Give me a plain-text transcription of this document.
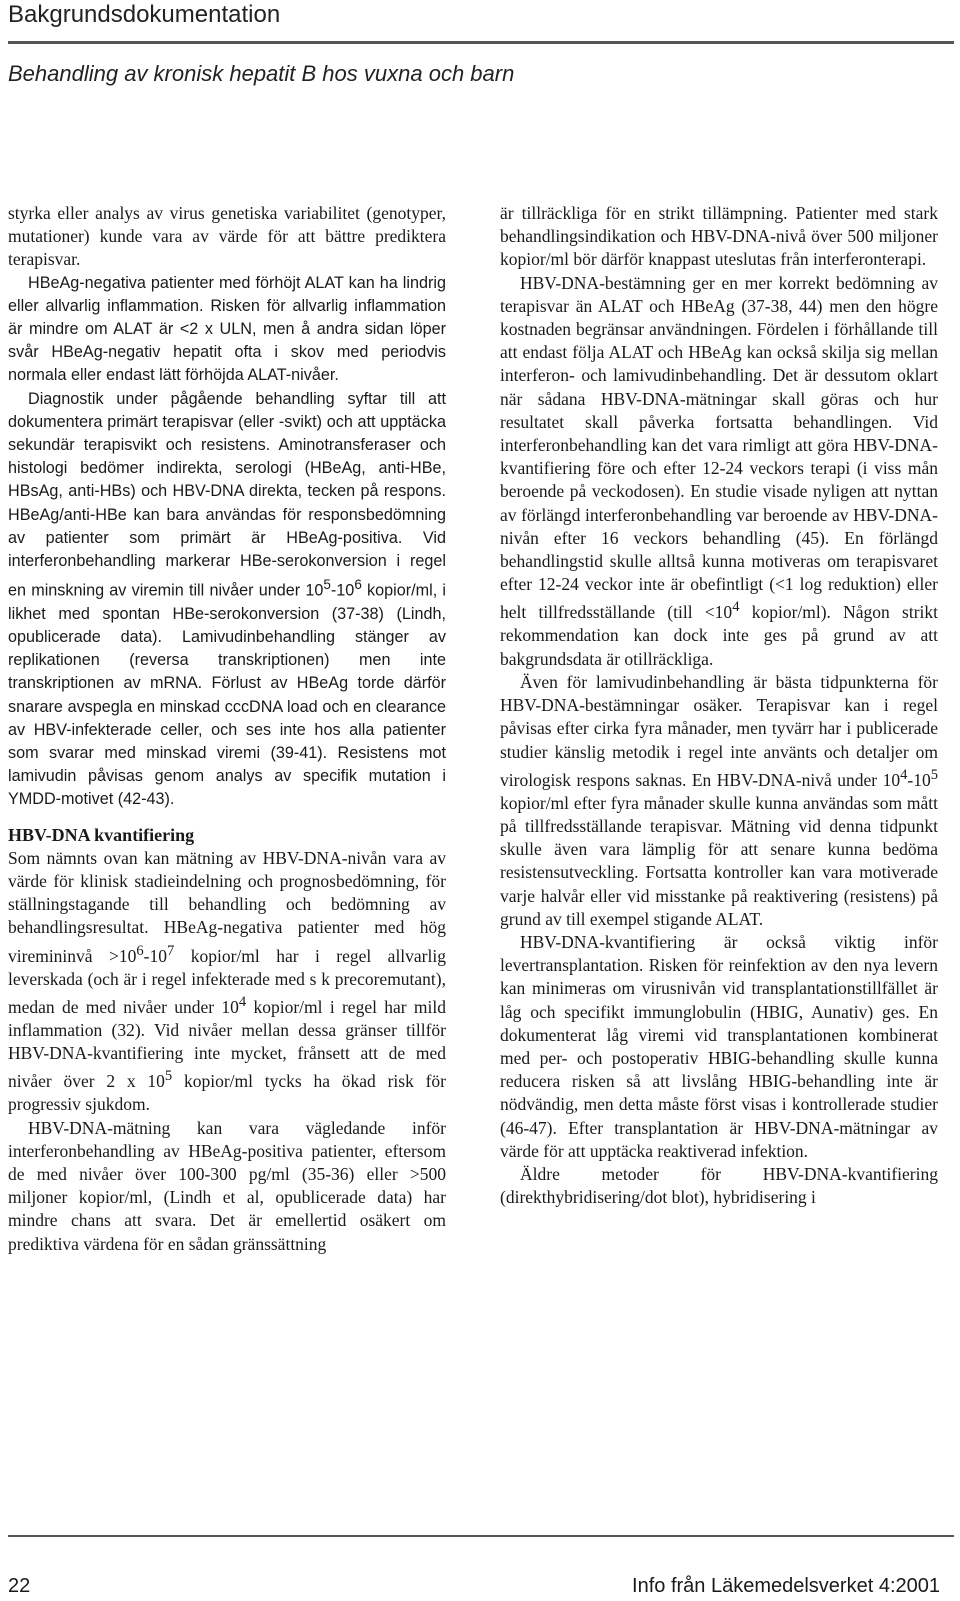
Bakgrundsdokumentation
Behandling av kronisk hepatit B hos vuxna och barn

styrka eller analys av virus genetiska variabilitet (genotyper, mutationer) kunde vara av värde för att bättre prediktera terapisvar.

HBeAg-negativa patienter med förhöjt ALAT kan ha lindrig eller allvarlig inflammation. Risken för allvarlig inflammation är mindre om ALAT är <2 x ULN, men å andra sidan löper svår HBeAg-negativ hepatit ofta i skov med periodvis normala eller endast lätt förhöjda ALAT-nivåer.

Diagnostik under pågående behandling syftar till att dokumentera primärt terapisvar (eller -svikt) och att upptäcka sekundär terapisvikt och resistens. Aminotransferaser och histologi bedömer indirekta, serologi (HBeAg, anti-HBe, HBsAg, anti-HBs) och HBV-DNA direkta, tecken på respons. HBeAg/anti-HBe kan bara användas för responsbedömning av patienter som primärt är HBeAg-positiva. Vid interferonbehandling markerar HBe-serokonversion i regel en minskning av viremin till nivåer under $10^5-10^6$ kopior/ml, i likhet med spontan HBe-serokonversion (37-38) (Lindh, opublicerade data). Lamivudinbehandling stänger av replikationen (reversa transkriptionen) men inte transkriptionen av mRNA. Förlust av HBeAg torde därför snarare avspegla en minskad cccDNA load och en clearance av HBV-infekterade celler, och ses inte hos alla patienter som svarar med minskad viremi (39-41). Resistens mot lamivudin påvisas genom analys av specifik mutation i YMDD-motivet (42-43).

HBV-DNA kvantifiering

Som nämnts ovan kan mätning av HBV-DNA-nivån vara av värde för klinisk stadieindelning och prognosbedömning, för ställningstagande till behandling och bedömning av behandlingsresultat. HBeAg-negativa patienter med hög viremininvå $>10^6-10^7$ kopior/ml har i regel allvarlig leverskada (och är i regel infekterade med s k precoremutant), medan de med nivåer under $10^4$ kopior/ml i regel har mild inflammation (32). Vid nivåer mellan dessa gränser tillför HBV-DNA-kvantifiering inte mycket, frånsett att de med nivåer över 2 x $10^5$ kopior/ml tycks ha ökad risk för progressiv sjukdom.

HBV-DNA-mätning kan vara vägledande inför interferonbehandling av HBeAg-positiva patienter, eftersom de med nivåer över 100-300 pg/ml (35-36) eller >500 miljoner kopior/ml, (Lindh et al, opublicerade data) har mindre chans att svara. Det är emellertid osäkert om prediktiva värdena för en sådan gränssättning

är tillräckliga för en strikt tillämpning. Patienter med stark behandlingsindikation och HBV-DNA-nivå över 500 miljoner kopior/ml bör därför knappast uteslutas från interferonterapi.

HBV-DNA-bestämning ger en mer korrekt bedömning av terapisvar än ALAT och HBeAg (37-38, 44) men den högre kostnaden begränsar användningen. Fördelen i förhållande till att endast följa ALAT och HBeAg kan också skilja sig mellan interferon- och lamivudinbehandling. Det är dessutom oklart när sådana HBV-DNA-mätningar skall göras och hur resultatet skall påverka fortsatta behandlingen. Vid interferonbehandling kan det vara rimligt att göra HBV-DNA-kvantifiering före och efter 12-24 veckors terapi (i viss mån beroende på veckodosen). En studie visade nyligen att nyttan av förlängd interferonbehandling var beroende av HBV-DNA-nivån efter 16 veckors behandling (45). En förlängd behandlingstid skulle alltså kunna motiveras om terapisvaret efter 12-24 veckor inte är obefintligt (<1 log reduktion) eller helt tillfredsställande (till $<10^4$ kopior/ml). Någon strikt rekommendation kan dock inte ges på grund av att bakgrundsdata är otillräckliga.

Även för lamivudinbehandling är bästa tidpunkterna för HBV-DNA-bestämningar osäker. Terapisvar kan i regel påvisas efter cirka fyra månader, men tyvärr har i publicerade studier känslig metodik i regel inte använts och detaljer om virologisk respons saknas. En HBV-DNA-nivå under $10^4-10^5$ kopior/ml efter fyra månader skulle kunna användas som mått på tillfredsställande terapisvar. Mätning vid denna tidpunkt skulle även vara lämplig för att senare kunna bedöma resistensutveckling. Fortsatta kontroller kan vara motiverade varje halvår eller vid misstanke på reaktivering (resistens) på grund av till exempel stigande ALAT.

HBV-DNA-kvantifiering är också viktig inför levertransplantation. Risken för reinfektion av den nya levern kan minimeras om virusnivån vid transplantationstillfället är låg och specifikt immunglobulin (HBIG, Aunativ) ges. En dokumenterat låg viremi vid transplantationen kombinerat med per- och postoperativ HBIG-behandling skulle kunna reducera risken så att livslång HBIG-behandling inte är nödvändig, men detta måste först visas i kontrollerade studier (46-47). Efter transplantation är HBV-DNA-mätningar av värde för att upptäcka reaktiverad infektion.

Äldre metoder för HBV-DNA-kvantifiering (direkthybridisering/dot blot), hybridisering i

22	Info från Läkemedelsverket 4:2001
